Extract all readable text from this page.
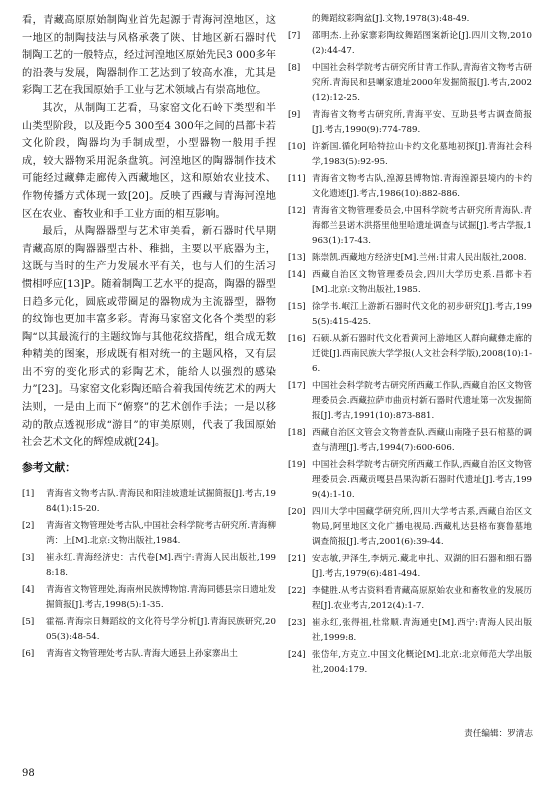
看，青藏高原原始制陶业首先起源于青海河湟地区，这一地区的制陶技法与风格承袭了陕、甘地区新石器时代制陶工艺的一般特点，经过河湟地区原始先民3 000多年的沿袭与发展，陶器制作工艺达到了较高水准，尤其是彩陶工艺在我国原始手工业与艺术领域占有崇高地位。

其次，从制陶工艺看，马家窑文化石岭下类型和半山类型阶段，以及距今5 300至4 300年之间的昌都卡若文化阶段，陶器均为手制成型，小型器物一般用手捏成，较大器物采用泥条盘筑。河湟地区的陶器制作技术可能经过藏彝走廊传入西藏地区，这和原始农业技术、作物传播方式体现一致[20]。反映了西藏与青海河湟地区在农业、畜牧业和手工业方面的相互影响。

最后，从陶器器型与艺术审美看，新石器时代早期青藏高原的陶器器型古朴、稚拙，主要以平底器为主，这既与当时的生产力发展水平有关，也与人们的生活习惯相呼应[13]P。随着制陶工艺水平的提高，陶器的器型日趋多元化，圆底或带圈足的器物成为主流器型，器物的纹饰也更加丰富多彩。青海马家窑文化各个类型的彩陶“以其最流行的主题纹饰与其他花纹搭配，组合成无数种精美的图案，形成既有相对统一的主题风格，又有层出不穷的变化形式的彩陶艺术，能给人以强烈的感染力”[23]。马家窑文化彩陶还暗合着我国传统艺术的两大法则，一是由上而下“俯察”的艺术创作手法；一是以移动的散点透视形成“游目”的审美原则，代表了我国原始社会艺术文化的辉煌成就[24]。

参考文献：
[1]	青海省文物考古队.青海民和阳洼坡遗址试掘简报[J].考古,1984(1):15-20.
[2]	青海省文物管理处考古队,中国社会科学院考古研究所.青海柳湾：上[M].北京:文物出版社,1984.
[3]	崔永红.青海经济史：古代卷[M].西宁:青海人民出版社,1998:18.
[4]	青海省文物管理处,海南州民族博物馆.青海同德县宗日遗址发掘简报[J].考古,1998(5):1-35.
[5]	霍福.青海宗日舞蹈纹的文化符号学分析[J].青海民族研究,2005(3):48-54.
[6]	青海省文物管理处考古队.青海大通县上孙家寨出土
的舞蹈纹彩陶盆[J].文物,1978(3):48-49.
[7]	邵明杰.上孙家寨彩陶纹舞蹈图案新论[J].四川文物,2010(2):44-47.
[8]	中国社会科学院考古研究所甘青工作队,青海省文物考古研究所.青海民和县喇家遗址2000年发掘简报[J].考古,2002(12):12-25.
[9]	青海省文物考古研究所,青海平安、互助县考古调查简报[J].考古,1990(9):774-789.
[10] 许新国.循化阿哈特拉山卡约文化墓地初探[J].青海社会科学,1983(5):92-95.
[11] 青海省文物考古队,湟源县博物馆.青海湟源县境内的卡约文化遗迹[J].考古,1986(10):882-886.
[12] 青海省文物管理委员会,中国科学院考古研究所青海队.青海都兰县诺木洪搭里他里哈遗址调查与试掘[J].考古学报,1963(1):17-43.
[13] 陈崇凯.西藏地方经济史[M].兰州:甘肃人民出版社,2008.
[14] 西藏自治区文物管理委员会,四川大学历史系.昌都卡若[M].北京:文物出版社,1985.
[15] 徐学书.岷江上游新石器时代文化的初步研究[J].考古,1995(5):415-425.
[16] 石硕.从新石器时代文化看黄河上游地区人群向藏彝走廊的迁徙[J].西南民族大学学报(人文社会科学版),2008(10):1-6.
[17] 中国社会科学院考古研究所西藏工作队,西藏自治区文物管理委员会.西藏拉萨市曲贡村新石器时代遗址第一次发掘简报[J].考古,1991(10):873-881.
[18] 西藏自治区文管会文物普查队.西藏山南隆子县石棺墓的调查与清理[J].考古,1994(7):600-606.
[19] 中国社会科学院考古研究所西藏工作队,西藏自治区文物管理委员会.西藏贡嘎县昌果沟新石器时代遗址[J].考古,1999(4):1-10.
[20] 四川大学中国藏学研究所,四川大学考古系,西藏自治区文物局,阿里地区文化广播电视局.西藏札达县格布赛鲁墓地调查简报[J].考古,2001(6):39-44.
[21] 安志敏,尹泽生,李炳元.藏北申扎、双湖的旧石器和细石器[J].考古,1979(6):481-494.
[22] 李健胜.从考古资料看青藏高原原始农业和畜牧业的发展历程[J].农业考古,2012(4):1-7.
[23] 崔永红,张得祖,杜常顺.青海通史[M].西宁:青海人民出版社,1999:8.
[24] 张岱年,方克立.中国文化概论[M].北京:北京师范大学出版社,2004:179.
责任编辑：罗清志
98
